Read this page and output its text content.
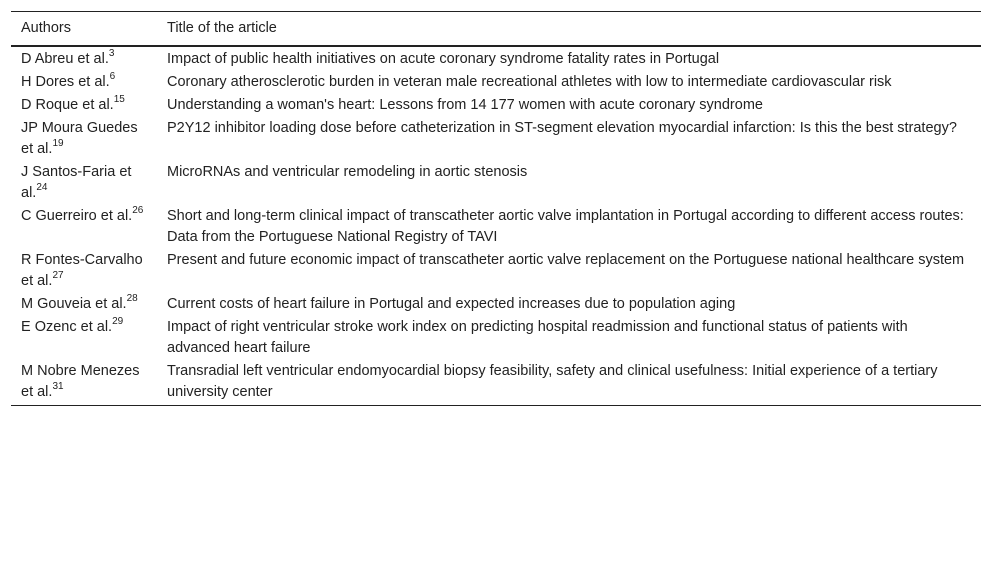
Authors	Title of the article
D Abreu et al.$^3$	Impact of public health initiatives on acute coronary syndrome fatality rates in Portugal
H Dores et al.$^6$	Coronary atherosclerotic burden in veteran male recreational athletes with low to intermediate cardiovascular risk
D Roque et al.$^{15}$	Understanding a woman's heart: Lessons from 14 177 women with acute coronary syndrome
JP Moura Guedes et al.$^{19}$	P2Y12 inhibitor loading dose before catheterization in ST-segment elevation myocardial infarction: Is this the best strategy?
J Santos-Faria et al.$^{24}$	MicroRNAs and ventricular remodeling in aortic stenosis
C Guerreiro et al.$^{26}$	Short and long-term clinical impact of transcatheter aortic valve implantation in Portugal according to different access routes: Data from the Portuguese National Registry of TAVI
R Fontes-Carvalho et al.$^{27}$	Present and future economic impact of transcatheter aortic valve replacement on the Portuguese national healthcare system
M Gouveia et al.$^{28}$	Current costs of heart failure in Portugal and expected increases due to population aging
E Ozenc et al.$^{29}$	Impact of right ventricular stroke work index on predicting hospital readmission and functional status of patients with advanced heart failure
M Nobre Menezes et al.$^{31}$	Transradial left ventricular endomyocardial biopsy feasibility, safety and clinical usefulness: Initial experience of a tertiary university center
